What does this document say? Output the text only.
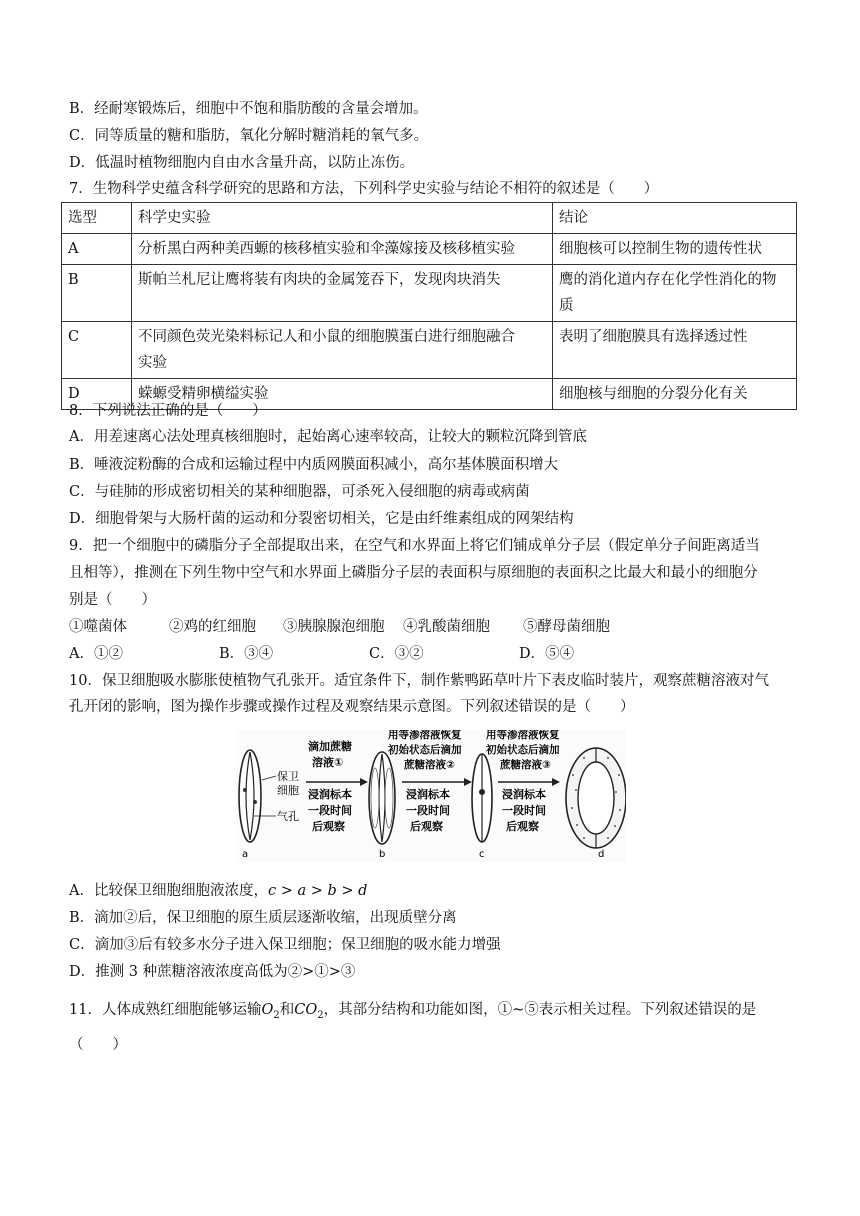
B．经耐寒锻炼后，细胞中不饱和脂肪酸的含量会增加。
C．同等质量的糖和脂肪，氧化分解时糖消耗的氧气多。
D．低温时植物细胞内自由水含量升高，以防止冻伤。
7．生物科学史蕴含科学研究的思路和方法，下列科学史实验与结论不相符的叙述是（　　）
选型	科学史实验	结论
A	分析黑白两种美西螈的核移植实验和伞藻嫁接及核移植实验	细胞核可以控制生物的遗传性状
B	斯帕兰札尼让鹰将装有肉块的金属笼吞下，发现肉块消失	鹰的消化道内存在化学性消化的物
质
C	不同颜色荧光染料标记人和小鼠的细胞膜蛋白进行细胞融合
实验	表明了细胞膜具有选择透过性
D	蝾螈受精卵横缢实验	细胞核与细胞的分裂分化有关
8．下列说法正确的是（　　）
A．用差速离心法处理真核细胞时，起始离心速率较高，让较大的颗粒沉降到管底
B．唾液淀粉酶的合成和运输过程中内质网膜面积减小，高尔基体膜面积增大
C．与硅肺的形成密切相关的某种细胞器，可杀死入侵细胞的病毒或病菌
D．细胞骨架与大肠杆菌的运动和分裂密切相关，它是由纤维素组成的网架结构
9．把一个细胞中的磷脂分子全部提取出来，在空气和水界面上将它们铺成单分子层（假定单分子间距离适当
且相等），推测在下列生物中空气和水界面上磷脂分子层的表面积与原细胞的表面积之比最大和最小的细胞分
别是（　　）
①噬菌体	②鸡的红细胞 ③胰腺腺泡细胞 ④乳酸菌细胞 ⑤酵母菌细胞
A．①②	B．③④	C．③②	D．⑤④
10．保卫细胞吸水膨胀使植物气孔张开。适宜条件下，制作紫鸭跖草叶片下表皮临时装片，观察蔗糖溶液对气
孔开闭的影响，图为操作步骤或操作过程及观察结果示意图。下列叙述错误的是（　　）
保卫
细胞
气孔
a
滴加蔗糖
溶液①
浸润标本
一段时间
后观察
b
用等渗溶液恢复
初始状态后滴加
蔗糖溶液②
浸润标本
一段时间
后观察
c
用等渗溶液恢复
初始状态后滴加
蔗糖溶液③
浸润标本
一段时间
后观察
d
A．比较保卫细胞细胞液浓度，c > a > b > d
B．滴加②后，保卫细胞的原生质层逐渐收缩，出现质壁分离
C．滴加③后有较多水分子进入保卫细胞；保卫细胞的吸水能力增强
D．推测 3 种蔗糖溶液浓度高低为②>①>③
11．人体成熟红细胞能够运输$O_2$和$CO_2$，其部分结构和功能如图，①~⑤表示相关过程。下列叙述错误的是
（　　）
